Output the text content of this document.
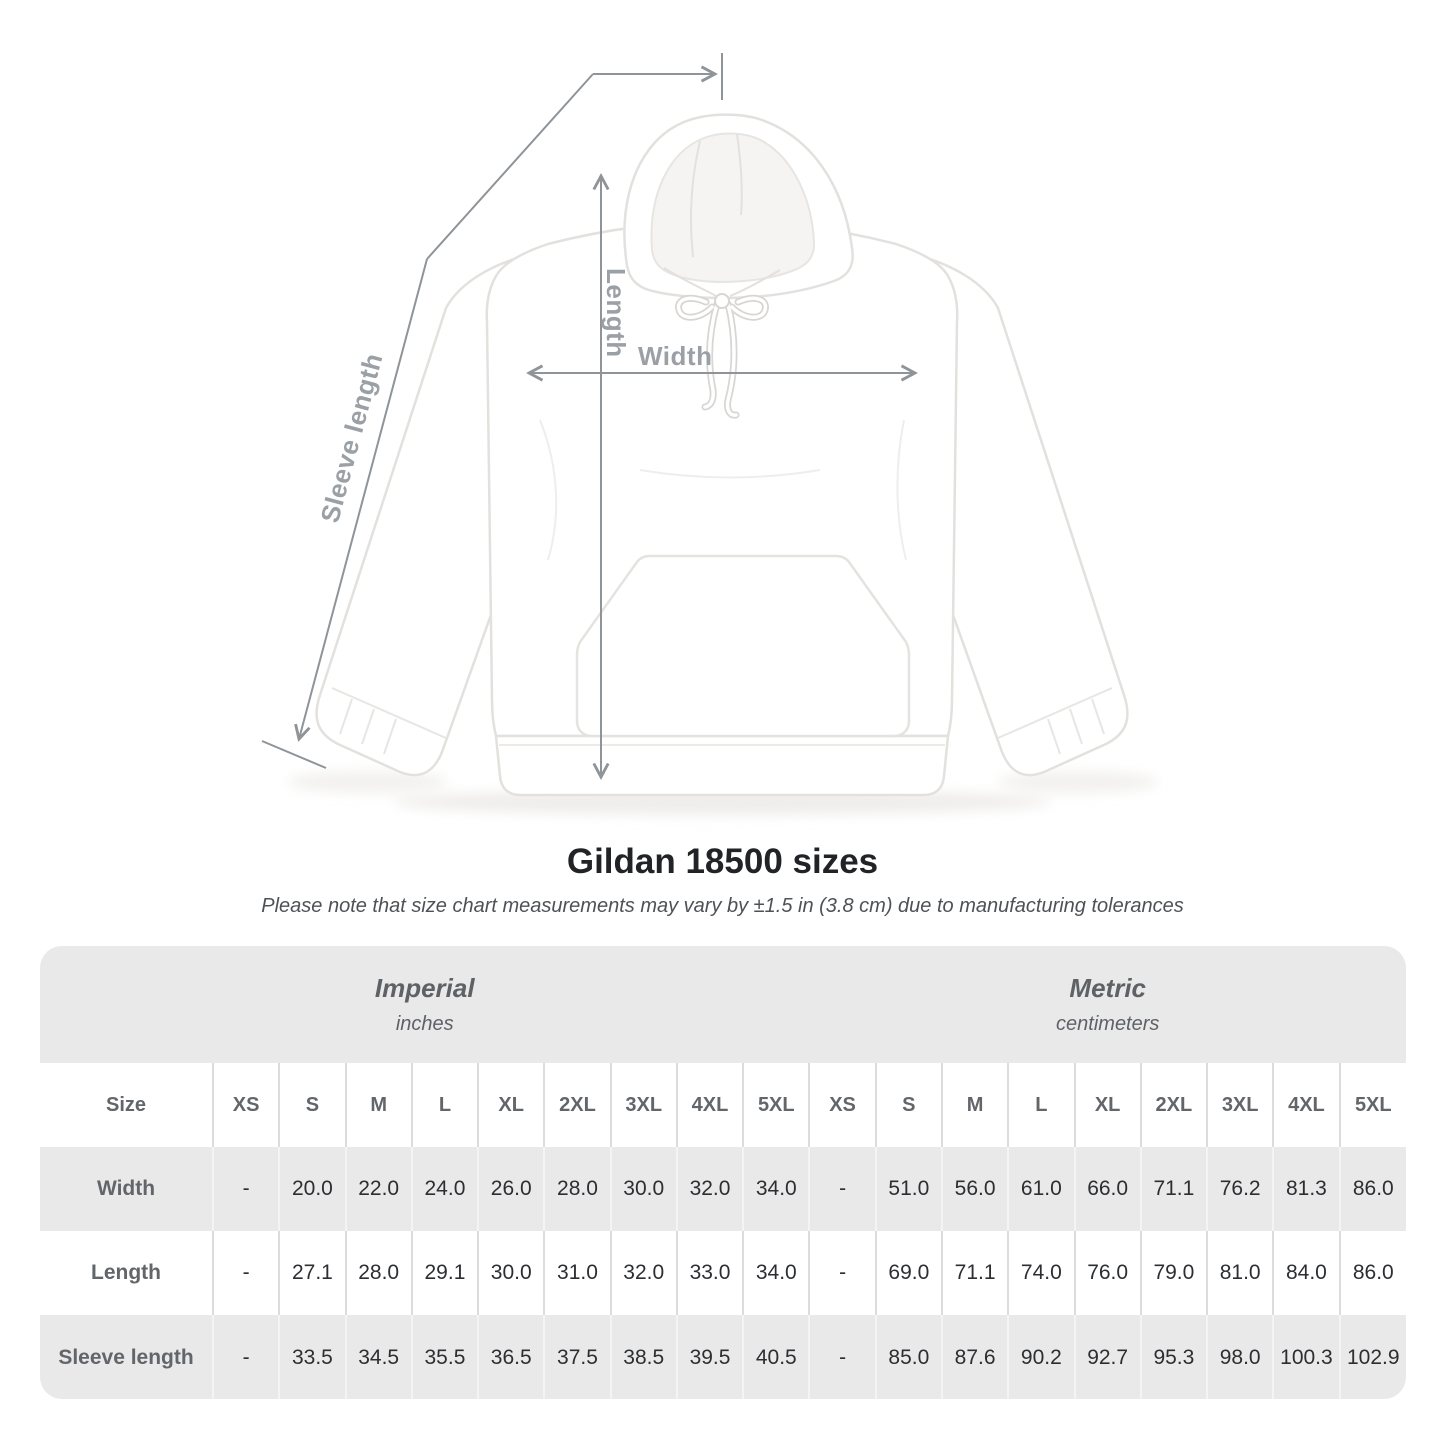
Length Width
Sleeve length
Gildan 18500 sizes
Please note that size chart measurements may vary by ±1.5 in (3.8 cm) due to manufacturing tolerances
Imperial
inches

Metric
centimeters

Size	XS	S	M	L	XL	2XL	3XL	4XL	5XL	XS	S	M	L	XL	2XL	3XL	4XL	5XL
Width	-	20.0	22.0	24.0	26.0	28.0	30.0	32.0	34.0	-	51.0	56.0	61.0	66.0	71.1	76.2	81.3	86.0
Length	-	27.1	28.0	29.1	30.0	31.0	32.0	33.0	34.0	-	69.0	71.1	74.0	76.0	79.0	81.0	84.0	86.0
Sleeve length	-	33.5	34.5	35.5	36.5	37.5	38.5	39.5	40.5	-	85.0	87.6	90.2	92.7	95.3	98.0	100.3	102.9
